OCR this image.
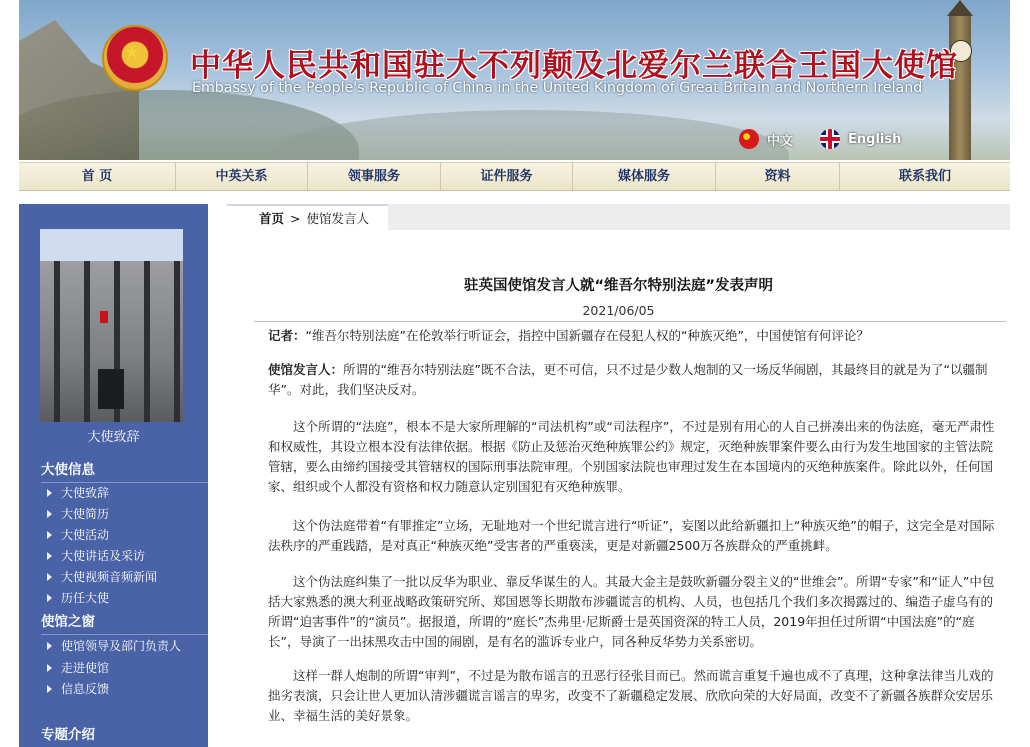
★ 中华人民共和国驻大不列颠及北爱尔兰联合王国大使馆
Embassy of the People's Republic of China in the United Kingdom of Great Britain and Northern Ireland
中文	English
首 页	中英关系	领事服务	证件服务	媒体服务	资料	联系我们
大使致辞
大使信息
大使致辞
大使简历
大使活动
大使讲话及采访
大使视频音频新闻
历任大使
使馆之窗
使馆领导及部门负责人
走进使馆
信息反馈
专题介绍
首页 > 使馆发言人
驻英国使馆发言人就“维吾尔特别法庭”发表声明
2021/06/05
记者：“维吾尔特别法庭”在伦敦举行听证会，指控中国新疆存在侵犯人权的“种族灭绝”，中国使馆有何评论？
使馆发言人：所谓的“维吾尔特别法庭”既不合法，更不可信，只不过是少数人炮制的又一场反华闹剧，其最终目的就是为了“以疆制华”。对此，我们坚决反对。
这个所谓的“法庭”，根本不是大家所理解的“司法机构”或“司法程序”，不过是别有用心的人自己拼凑出来的伪法庭，毫无严肃性和权威性，其设立根本没有法律依据。根据《防止及惩治灭绝种族罪公约》规定，灭绝种族罪案件要么由行为发生地国家的主管法院管辖，要么由缔约国接受其管辖权的国际刑事法院审理。个别国家法院也审理过发生在本国境内的灭绝种族案件。除此以外，任何国家、组织或个人都没有资格和权力随意认定别国犯有灭绝种族罪。
这个伪法庭带着“有罪推定”立场，无耻地对一个世纪谎言进行“听证”，妄图以此给新疆扣上“种族灭绝”的帽子，这完全是对国际法秩序的严重践踏，是对真正“种族灭绝”受害者的严重亵渎，更是对新疆2500万各族群众的严重挑衅。
这个伪法庭纠集了一批以反华为职业、靠反华谋生的人。其最大金主是鼓吹新疆分裂主义的“世维会”。所谓“专家”和“证人”中包括大家熟悉的澳大利亚战略政策研究所、郑国恩等长期散布涉疆谎言的机构、人员，也包括几个我们多次揭露过的、编造子虚乌有的所谓“迫害事件”的“演员”。据报道，所谓的“庭长”杰弗里·尼斯爵士是英国资深的特工人员，2019年担任过所谓“中国法庭”的“庭长”，导演了一出抹黑攻击中国的闹剧，是有名的滥诉专业户，同各种反华势力关系密切。
这样一群人炮制的所谓“审判”，不过是为散布谣言的丑恶行径张目而已。然而谎言重复千遍也成不了真理，这种拿法律当儿戏的拙劣表演，只会让世人更加认清涉疆谎言谣言的卑劣，改变不了新疆稳定发展、欣欣向荣的大好局面，改变不了新疆各族群众安居乐业、幸福生活的美好景象。
